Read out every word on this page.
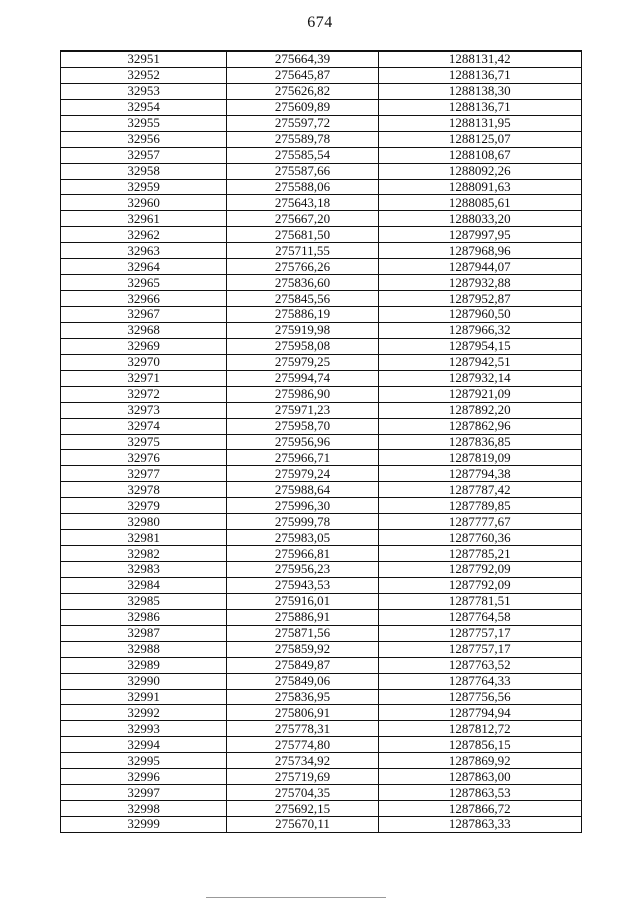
674
32951	275664,39	1288131,42
32952	275645,87	1288136,71
32953	275626,82	1288138,30
32954	275609,89	1288136,71
32955	275597,72	1288131,95
32956	275589,78	1288125,07
32957	275585,54	1288108,67
32958	275587,66	1288092,26
32959	275588,06	1288091,63
32960	275643,18	1288085,61
32961	275667,20	1288033,20
32962	275681,50	1287997,95
32963	275711,55	1287968,96
32964	275766,26	1287944,07
32965	275836,60	1287932,88
32966	275845,56	1287952,87
32967	275886,19	1287960,50
32968	275919,98	1287966,32
32969	275958,08	1287954,15
32970	275979,25	1287942,51
32971	275994,74	1287932,14
32972	275986,90	1287921,09
32973	275971,23	1287892,20
32974	275958,70	1287862,96
32975	275956,96	1287836,85
32976	275966,71	1287819,09
32977	275979,24	1287794,38
32978	275988,64	1287787,42
32979	275996,30	1287789,85
32980	275999,78	1287777,67
32981	275983,05	1287760,36
32982	275966,81	1287785,21
32983	275956,23	1287792,09
32984	275943,53	1287792,09
32985	275916,01	1287781,51
32986	275886,91	1287764,58
32987	275871,56	1287757,17
32988	275859,92	1287757,17
32989	275849,87	1287763,52
32990	275849,06	1287764,33
32991	275836,95	1287756,56
32992	275806,91	1287794,94
32993	275778,31	1287812,72
32994	275774,80	1287856,15
32995	275734,92	1287869,92
32996	275719,69	1287863,00
32997	275704,35	1287863,53
32998	275692,15	1287866,72
32999	275670,11	1287863,33
